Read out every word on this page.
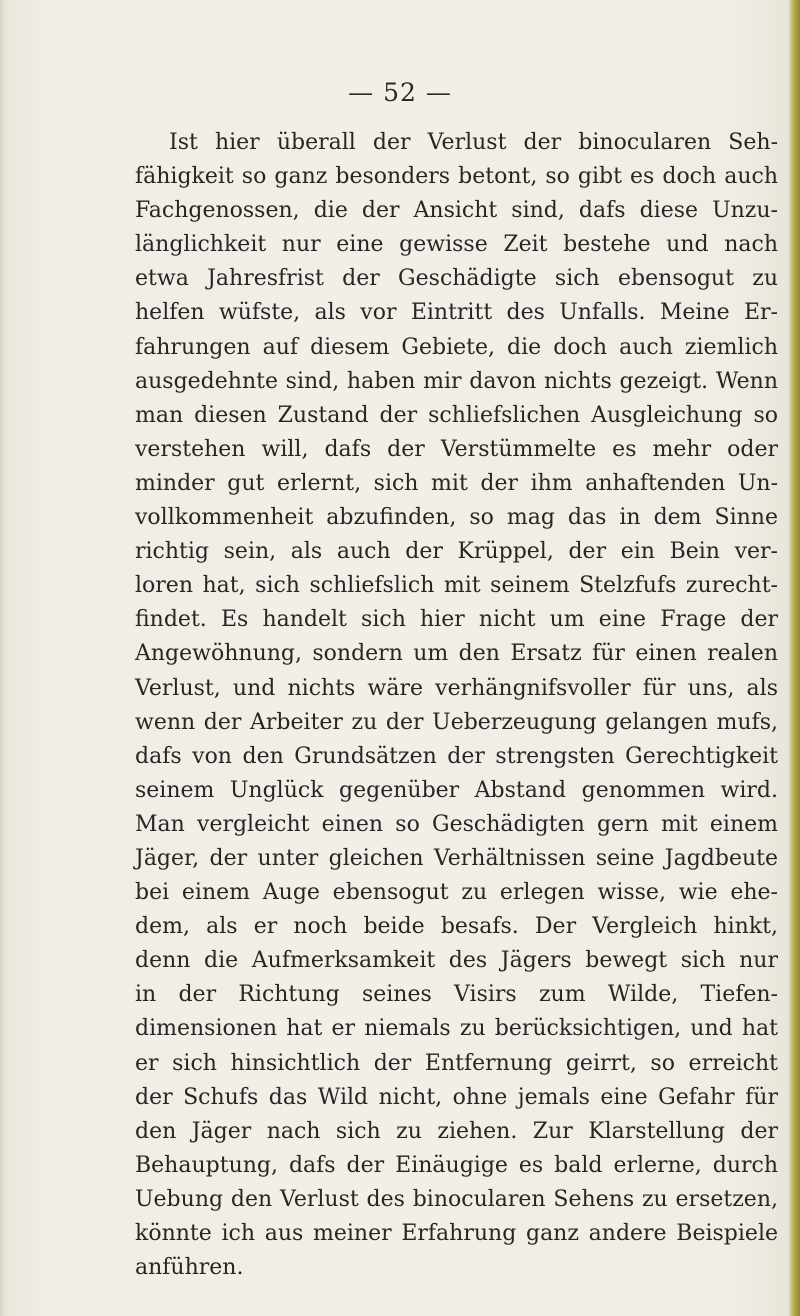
— 52 —
Ist hier überall der Verlust der binocularen Seh-
fähigkeit so ganz besonders betont, so gibt es doch auch
Fachgenossen, die der Ansicht sind, dafs diese Unzu-
länglichkeit nur eine gewisse Zeit bestehe und nach
etwa Jahresfrist der Geschädigte sich ebensogut zu
helfen wüfste, als vor Eintritt des Unfalls. Meine Er-
fahrungen auf diesem Gebiete, die doch auch ziemlich
ausgedehnte sind, haben mir davon nichts gezeigt. Wenn
man diesen Zustand der schliefslichen Ausgleichung so
verstehen will, dafs der Verstümmelte es mehr oder
minder gut erlernt, sich mit der ihm anhaftenden Un-
vollkommenheit abzufinden, so mag das in dem Sinne
richtig sein, als auch der Krüppel, der ein Bein ver-
loren hat, sich schliefslich mit seinem Stelzfufs zurecht-
findet. Es handelt sich hier nicht um eine Frage der
Angewöhnung, sondern um den Ersatz für einen realen
Verlust, und nichts wäre verhängnifsvoller für uns, als
wenn der Arbeiter zu der Ueberzeugung gelangen mufs,
dafs von den Grundsätzen der strengsten Gerechtigkeit
seinem Unglück gegenüber Abstand genommen wird.
Man vergleicht einen so Geschädigten gern mit einem
Jäger, der unter gleichen Verhältnissen seine Jagdbeute
bei einem Auge ebensogut zu erlegen wisse, wie ehe-
dem, als er noch beide besafs. Der Vergleich hinkt,
denn die Aufmerksamkeit des Jägers bewegt sich nur
in der Richtung seines Visirs zum Wilde, Tiefen-
dimensionen hat er niemals zu berücksichtigen, und hat
er sich hinsichtlich der Entfernung geirrt, so erreicht
der Schufs das Wild nicht, ohne jemals eine Gefahr für
den Jäger nach sich zu ziehen. Zur Klarstellung der
Behauptung, dafs der Einäugige es bald erlerne, durch
Uebung den Verlust des binocularen Sehens zu ersetzen,
könnte ich aus meiner Erfahrung ganz andere Beispiele
anführen.
